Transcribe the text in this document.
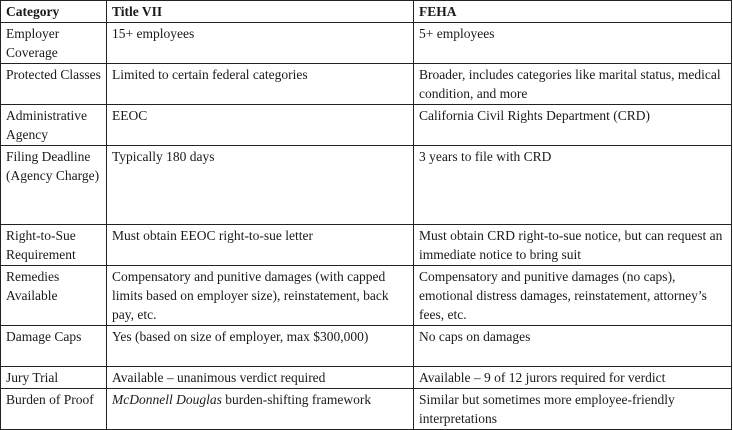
Category	Title VII	FEHA
Employer Coverage	15+ employees	5+ employees
Protected Classes	Limited to certain federal categories	Broader, includes categories like marital status, medical condition, and more
Administrative Agency	EEOC	California Civil Rights Department (CRD)
Filing Deadline (Agency Charge)	Typically 180 days	3 years to file with CRD
Right-to-Sue Requirement	Must obtain EEOC right-to-sue letter	Must obtain CRD right-to-sue notice, but can request an immediate notice to bring suit
Remedies Available	Compensatory and punitive damages (with capped limits based on employer size), reinstatement, back pay, etc.	Compensatory and punitive damages (no caps), emotional distress damages, reinstatement, attorney’s fees, etc.
Damage Caps	Yes (based on size of employer, max $300,000)	No caps on damages
Jury Trial	Available – unanimous verdict required	Available – 9 of 12 jurors required for verdict
Burden of Proof	McDonnell Douglas burden-shifting framework	Similar but sometimes more employee-friendly interpretations
